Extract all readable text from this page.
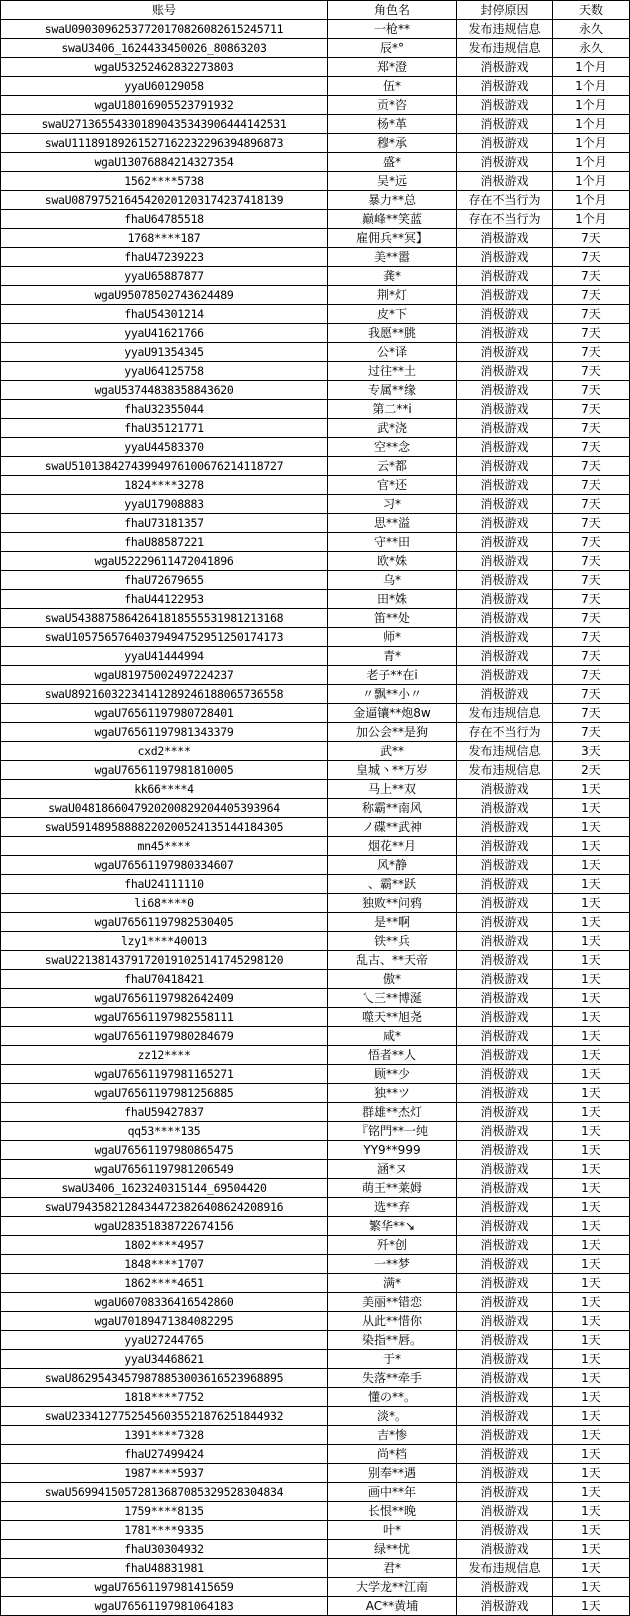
账号	角色名	封停原因	天数
swaU09030962537720170826082615245711	一枪**	发布违规信息	永久
swaU3406_1624433450026_80863203	辰*°	发布违规信息	永久
wgaU53252462832273803	郑*澄	消极游戏	1个月
yyaU60129058	伍*	消极游戏	1个月
wgaU18016905523791932	贡*咨	消极游戏	1个月
swaU271365543301890435343906444142531	杨*革	消极游戏	1个月
swaU11189189261527162232296394896873	穆*承	消极游戏	1个月
wgaU13076884214327354	盛*	消极游戏	1个月
1562****5738	吴*远	消极游戏	1个月
swaU08797521645420201203174237418139	暴力**总	存在不当行为	1个月
fhaU64785518	巅峰**笑蓝	存在不当行为	1个月
1768****187	雇佣兵**冥】	消极游戏	7天
fhaU47239223	美**嚣	消极游戏	7天
yyaU65887877	龚*	消极游戏	7天
wgaU95078502743624489	荆*灯	消极游戏	7天
fhaU54301214	皮*下	消极游戏	7天
yyaU41621766	我愿**朓	消极游戏	7天
yyaU91354345	公*译	消极游戏	7天
yyaU64125758	过往**土	消极游戏	7天
wgaU53744838358843620	专属**缘	消极游戏	7天
fhaU32355044	第二**i	消极游戏	7天
fhaU35121771	武*浇	消极游戏	7天
yyaU44583370	空**念	消极游戏	7天
swaU51013842743994976100676214118727	云*都	消极游戏	7天
1824****3278	官*还	消极游戏	7天
yyaU17908883	习*	消极游戏	7天
fhaU73181357	思**溢	消极游戏	7天
fhaU88587221	守**田	消极游戏	7天
wgaU52229611472041896	欧*姝	消极游戏	7天
fhaU72679655	乌*	消极游戏	7天
fhaU44122953	田*姝	消极游戏	7天
swaU54388758642641818555531981213168	笛**处	消极游戏	7天
swaU10575657640379494752951250174173	师*	消极游戏	7天
yyaU41444994	青*	消极游戏	7天
wgaU81975002497224237	老子**在i	消极游戏	7天
swaU89216032234141289246188065736558	〃飘**小〃	消极游戏	7天
wgaU76561197980728401	金逼镶**炮8w	发布违规信息	7天
wgaU76561197981343379	加公会**是狗	存在不当行为	7天
cxd2****	武**	发布违规信息	3天
wgaU76561197981810005	皇城丶**万岁	发布违规信息	2天
kk66****4	马上**双	消极游戏	1天
swaU0481866047920200829204405393964	称霸**南风	消极游戏	1天
swaU59148958888220200524135144184305	ノ碟**武神	消极游戏	1天
mn45****	烟花**月	消极游戏	1天
wgaU76561197980334607	风*静	消极游戏	1天
fhaU24111110	、霸**跃	消极游戏	1天
li68****0	独败**问鸦	消极游戏	1天
wgaU76561197982530405	是**啊	消极游戏	1天
lzy1****40013	铁**兵	消极游戏	1天
swaU22138143791720191025141745298120	乱古、**天帝	消极游戏	1天
fhaU70418421	傲*	消极游戏	1天
wgaU76561197982642409	乀三**博涎	消极游戏	1天
wgaU76561197982558111	噬天**旭尧	消极游戏	1天
wgaU76561197980284679	咸*	消极游戏	1天
zz12****	悟者**人	消极游戏	1天
wgaU76561197981165271	顾**少	消极游戏	1天
wgaU76561197981256885	独**ツ	消极游戏	1天
fhaU59427837	群雄**杰灯	消极游戏	1天
qq53****135	『铭門**一纯	消极游戏	1天
wgaU76561197980865475	YY9**999	消极游戏	1天
wgaU76561197981206549	涵*ヌ	消极游戏	1天
swaU3406_1623240315144_69504420	萌王**莱姆	消极游戏	1天
swaU79435821284344723826408624208916	选**弃	消极游戏	1天
wgaU28351838722674156	繁华**↘	消极游戏	1天
1802****4957	歼*创	消极游戏	1天
1848****1707	一**梦	消极游戏	1天
1862****4651	满*	消极游戏	1天
wgaU60708336416542860	美丽**错恋	消极游戏	1天
wgaU70189471384082295	从此**惜你	消极游戏	1天
yyaU27244765	染指**唇。	消极游戏	1天
yyaU34468621	于*	消极游戏	1天
swaU86295434579878853003616523968895	失落**牵手	消极游戏	1天
1818****7752	懂の**。	消极游戏	1天
swaU23341277525456035521876251844932	淡*。	消极游戏	1天
1391****7328	吉*惨	消极游戏	1天
fhaU27499424	尚*档	消极游戏	1天
1987****5937	别奉**遇	消极游戏	1天
swaU56994150572813687085329528304834	画中**年	消极游戏	1天
1759****8135	长恨**晚	消极游戏	1天
1781****9335	叶*	消极游戏	1天
fhaU30304932	绿**忧	消极游戏	1天
fhaU48831981	君*	发布违规信息	1天
wgaU76561197981415659	大学龙**江南	消极游戏	1天
wgaU76561197981064183	AC**黄埔	消极游戏	1天
